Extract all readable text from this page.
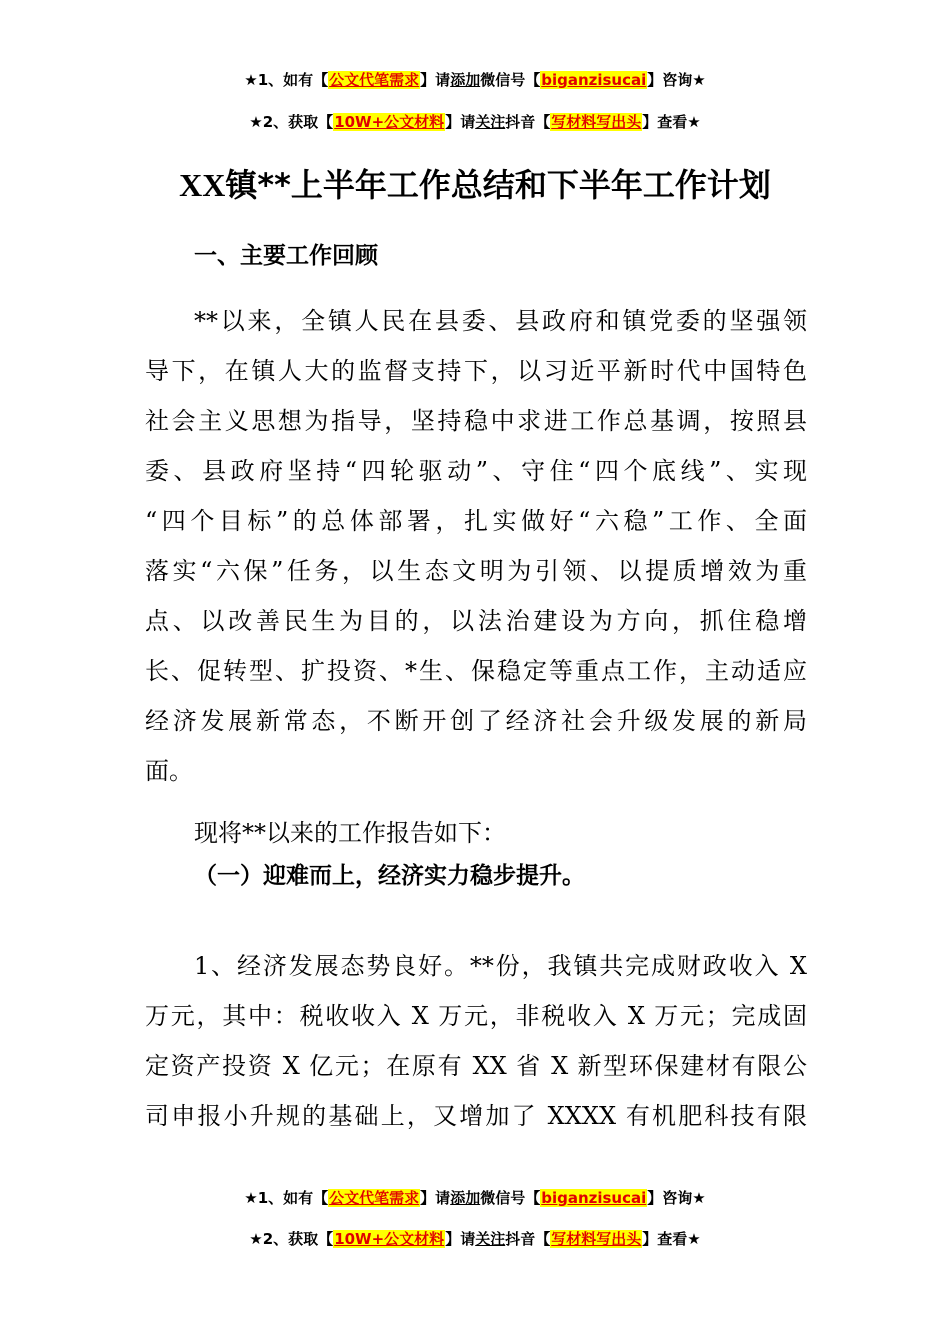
★1、如有【公文代笔需求】请添加微信号【biganzisucai】咨询★
★2、获取【10W+公文材料】请关注抖音【写材料写出头】查看★
XX镇**上半年工作总结和下半年工作计划
一、主要工作回顾
**以来，全镇人民在县委、县政府和镇党委的坚强领
导下，在镇人大的监督支持下，以习近平新时代中国特色
社会主义思想为指导，坚持稳中求进工作总基调，按照县
委、县政府坚持“四轮驱动”、守住“四个底线”、实现
“四个目标”的总体部署，扎实做好“六稳”工作、全面
落实“六保”任务，以生态文明为引领、以提质增效为重
点、以改善民生为目的，以法治建设为方向，抓住稳增
长、促转型、扩投资、*生、保稳定等重点工作，主动适应
经济发展新常态，不断开创了经济社会升级发展的新局
面。
现将**以来的工作报告如下：
（一）迎难而上，经济实力稳步提升。
1、经济发展态势良好。**份，我镇共完成财政收入 X
万元，其中：税收收入 X 万元，非税收入 X 万元；完成固
定资产投资 X 亿元；在原有 XX 省 X 新型环保建材有限公
司申报小升规的基础上，又增加了 XXXX 有机肥科技有限
★1、如有【公文代笔需求】请添加微信号【biganzisucai】咨询★
★2、获取【10W+公文材料】请关注抖音【写材料写出头】查看★
